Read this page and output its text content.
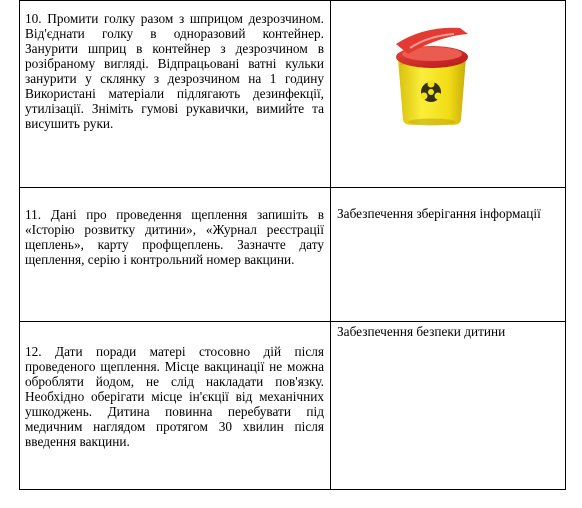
10. Промити голку разом з шприцом дезрозчином. Від'єднати голку в одноразовий контейнер. Занурити шприц в контейнер з дезрозчином в розібраному вигляді. Відпрацьовані ватні кульки занурити у склянку з дезрозчином на 1 годину Використані матеріали підлягають дезинфекції, утилізації. Зніміть гумові рукавички, вимийте та висушить руки.

11. Дані про проведення щеплення запишіть в «Історію розвитку дитини», «Журнал реєстрації щеплень», карту профщеплень. Зазначте дату щеплення, серію і контрольний номер вакцини.	Забезпечення зберігання інформації

12. Дати поради матері стосовно дій після проведеного щеплення. Місце вакцинації не можна обробляти йодом, не слід накладати пов'язку. Необхідно оберігати місце ін'єкції від механічних ушкоджень. Дитина повинна перебувати під медичним наглядом протягом 30 хвилин після введення вакцини.	Забезпечення безпеки дитини
